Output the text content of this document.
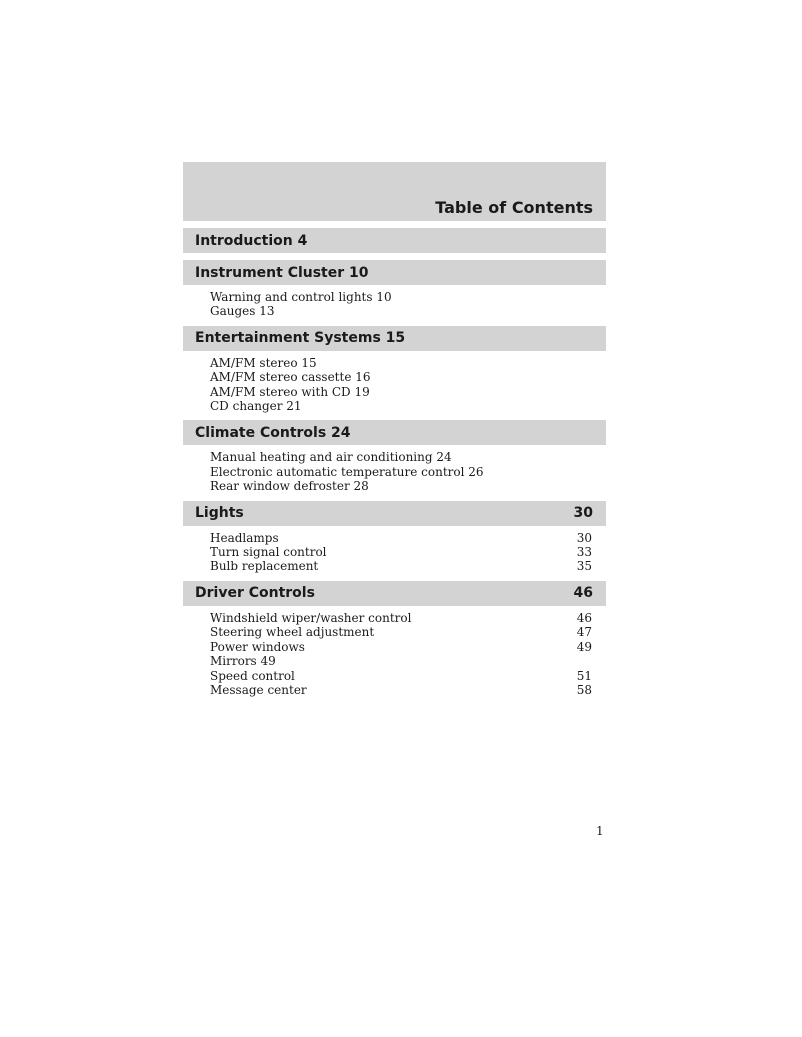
Table of Contents
Introduction 4
Instrument Cluster 10
Warning and control lights 10
Gauges 13
Entertainment Systems 15
AM/FM stereo 15
AM/FM stereo cassette 16
AM/FM stereo with CD 19
CD changer 21
Climate Controls 24
Manual heating and air conditioning 24
Electronic automatic temperature control 26
Rear window defroster 28
Lights	30
Headlamps	30
Turn signal control	33
Bulb replacement	35
Driver Controls	46
Windshield wiper/washer control	46
Steering wheel adjustment	47
Power windows	49
Mirrors 49
Speed control	51
Message center	58
1
